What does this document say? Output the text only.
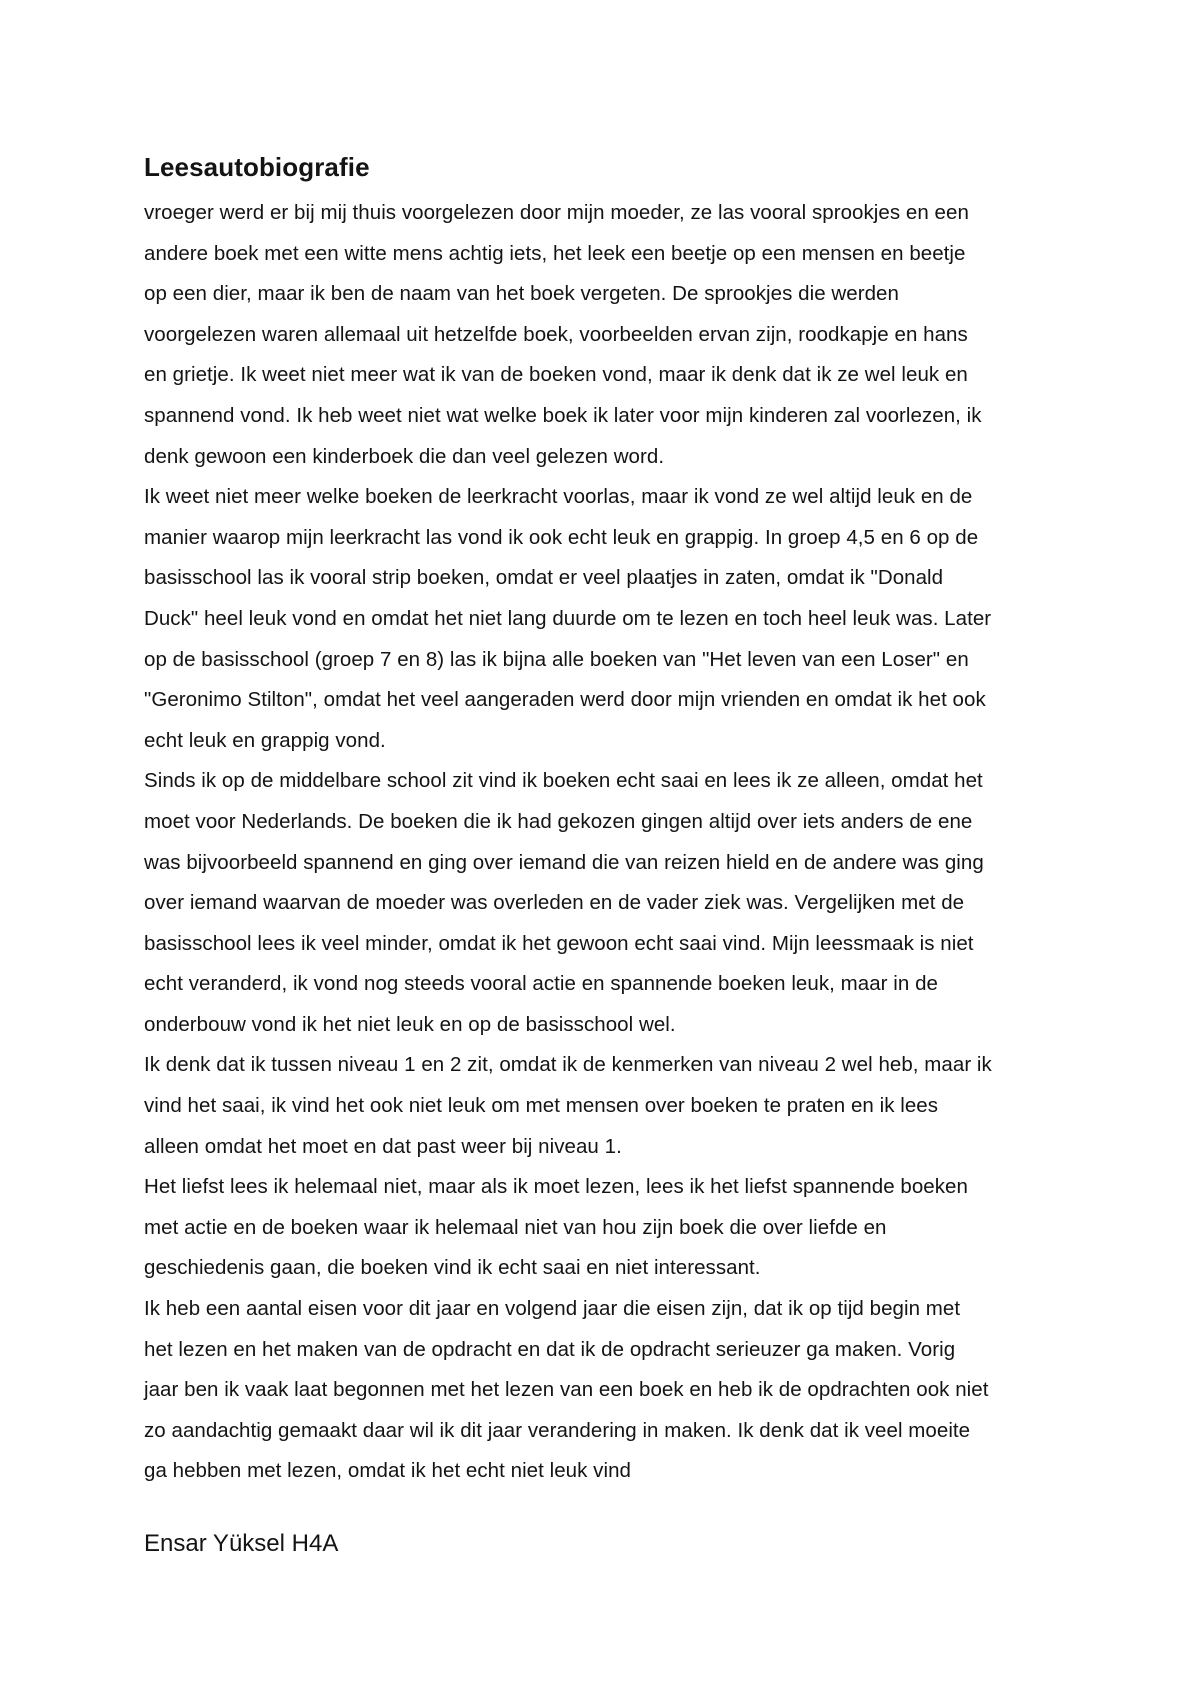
Leesautobiografie
vroeger werd er bij mij thuis voorgelezen door mijn moeder, ze las vooral sprookjes en een
andere boek met een witte mens achtig iets, het leek een beetje op een mensen en beetje
op een dier, maar ik ben de naam van het boek vergeten. De sprookjes die werden
voorgelezen waren allemaal uit hetzelfde boek, voorbeelden ervan zijn, roodkapje en hans
en grietje. Ik weet niet meer wat ik van de boeken vond, maar ik denk dat ik ze wel leuk en
spannend vond. Ik heb weet niet wat welke boek ik later voor mijn kinderen zal voorlezen, ik
denk gewoon een kinderboek die dan veel gelezen word.
Ik weet niet meer welke boeken de leerkracht voorlas, maar ik vond ze wel altijd leuk en de
manier waarop mijn leerkracht las vond ik ook echt leuk en grappig. In groep 4,5 en 6 op de
basisschool las ik vooral strip boeken, omdat er veel plaatjes in zaten, omdat ik "Donald
Duck" heel leuk vond en omdat het niet lang duurde om te lezen en toch heel leuk was. Later
op de basisschool (groep 7 en 8) las ik bijna alle boeken van "Het leven van een Loser" en
"Geronimo Stilton", omdat het veel aangeraden werd door mijn vrienden en omdat ik het ook
echt leuk en grappig vond.
Sinds ik op de middelbare school zit vind ik boeken echt saai en lees ik ze alleen, omdat het
moet voor Nederlands. De boeken die ik had gekozen gingen altijd over iets anders de ene
was bijvoorbeeld spannend en ging over iemand die van reizen hield en de andere was ging
over iemand waarvan de moeder was overleden en de vader ziek was. Vergelijken met de
basisschool lees ik veel minder, omdat ik het gewoon echt saai vind. Mijn leessmaak is niet
echt veranderd, ik vond nog steeds vooral actie en spannende boeken leuk, maar in de
onderbouw vond ik het niet leuk en op de basisschool wel.
Ik denk dat ik tussen niveau 1 en 2 zit, omdat ik de kenmerken van niveau 2 wel heb, maar ik
vind het saai, ik vind het ook niet leuk om met mensen over boeken te praten en ik lees
alleen omdat het moet en dat past weer bij niveau 1.
Het liefst lees ik helemaal niet, maar als ik moet lezen, lees ik het liefst spannende boeken
met actie en de boeken waar ik helemaal niet van hou zijn boek die over liefde en
geschiedenis gaan, die boeken vind ik echt saai en niet interessant.
Ik heb een aantal eisen voor dit jaar en volgend jaar die eisen zijn, dat ik op tijd begin met
het lezen en het maken van de opdracht en dat ik de opdracht serieuzer ga maken. Vorig
jaar ben ik vaak laat begonnen met het lezen van een boek en heb ik de opdrachten ook niet
zo aandachtig gemaakt daar wil ik dit jaar verandering in maken. Ik denk dat ik veel moeite
ga hebben met lezen, omdat ik het echt niet leuk vind

Ensar Yüksel H4A
